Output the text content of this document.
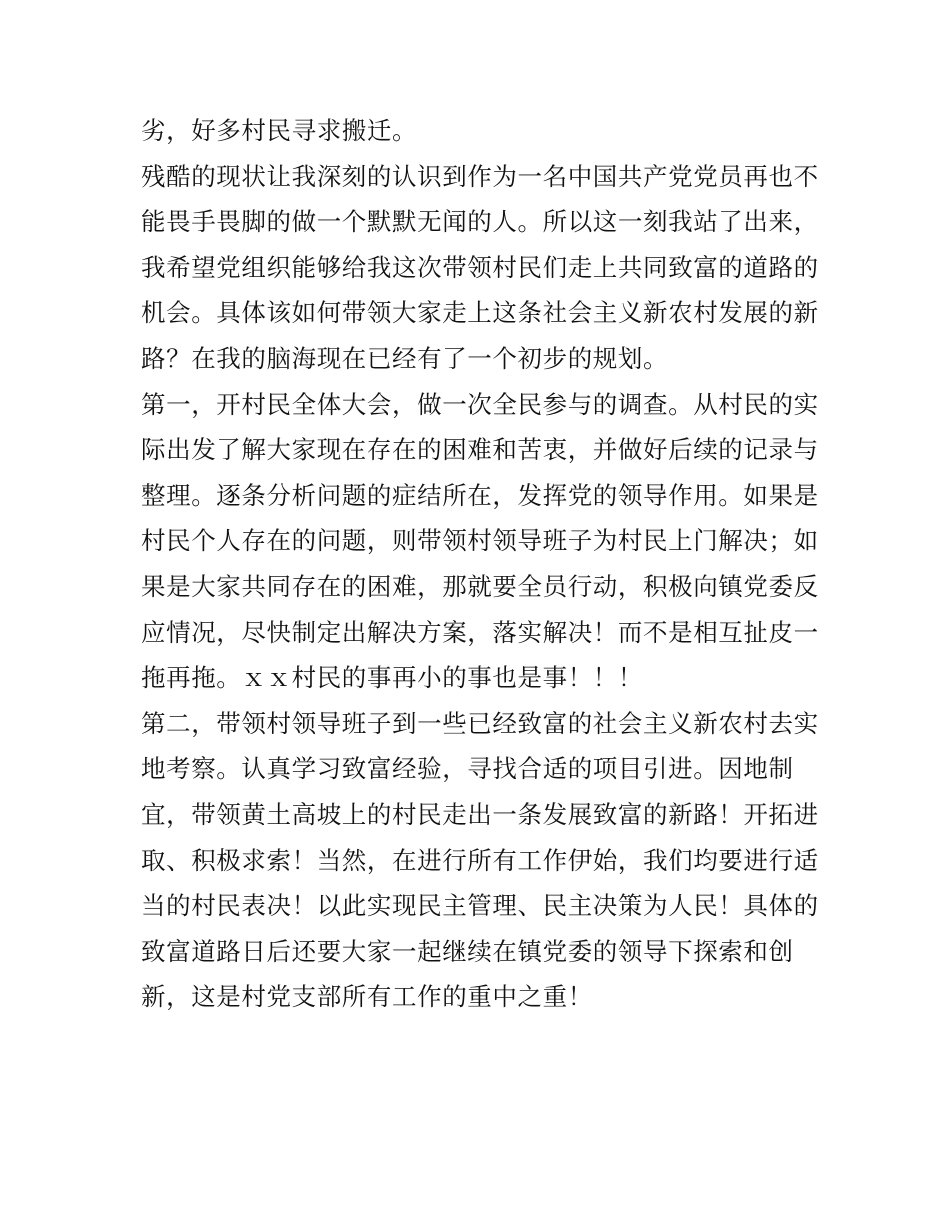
劣，好多村民寻求搬迁。
残酷的现状让我深刻的认识到作为一名中国共产党党员再也不
能畏手畏脚的做一个默默无闻的人。所以这一刻我站了出来，
我希望党组织能够给我这次带领村民们走上共同致富的道路的
机会。具体该如何带领大家走上这条社会主义新农村发展的新
路？在我的脑海现在已经有了一个初步的规划。
第一，开村民全体大会，做一次全民参与的调查。从村民的实
际出发了解大家现在存在的困难和苦衷，并做好后续的记录与
整理。逐条分析问题的症结所在，发挥党的领导作用。如果是
村民个人存在的问题，则带领村领导班子为村民上门解决；如
果是大家共同存在的困难，那就要全员行动，积极向镇党委反
应情况，尽快制定出解决方案，落实解决！而不是相互扯皮一
拖再拖。ｘｘ村民的事再小的事也是事！！！
第二，带领村领导班子到一些已经致富的社会主义新农村去实
地考察。认真学习致富经验，寻找合适的项目引进。因地制
宜，带领黄土高坡上的村民走出一条发展致富的新路！开拓进
取、积极求索！当然，在进行所有工作伊始，我们均要进行适
当的村民表决！以此实现民主管理、民主决策为人民！具体的
致富道路日后还要大家一起继续在镇党委的领导下探索和创
新，这是村党支部所有工作的重中之重！
